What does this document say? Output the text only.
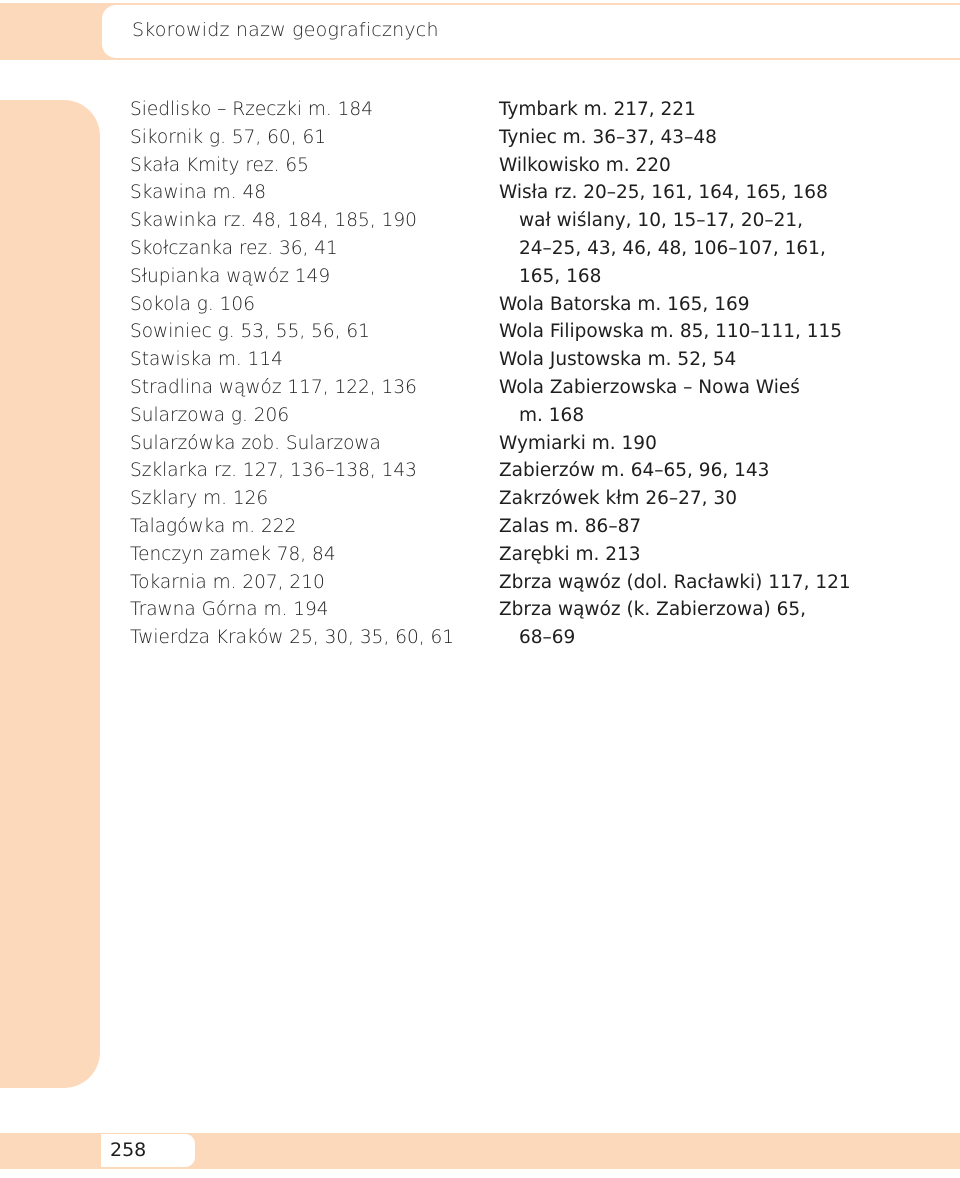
Skorowidz nazw geograficznych
Siedlisko – Rzeczki m. 184
Sikornik g. 57, 60, 61
Skała Kmity rez. 65
Skawina m. 48
Skawinka rz. 48, 184, 185, 190
Skołczanka rez. 36, 41
Słupianka wąwóz 149
Sokola g. 106
Sowiniec g. 53, 55, 56, 61
Stawiska m. 114
Stradlina wąwóz 117, 122, 136
Sularzowa g. 206
Sularzówka zob. Sularzowa
Szklarka rz. 127, 136–138, 143
Szklary m. 126
Talagówka m. 222
Tenczyn zamek 78, 84
Tokarnia m. 207, 210
Trawna Górna m. 194
Twierdza Kraków 25, 30, 35, 60, 61
Tymbark m. 217, 221
Tyniec m. 36–37, 43–48
Wilkowisko m. 220
Wisła rz. 20–25, 161, 164, 165, 168
wał wiślany, 10, 15–17, 20–21,
24–25, 43, 46, 48, 106–107, 161,
165, 168
Wola Batorska m. 165, 169
Wola Filipowska m. 85, 110–111, 115
Wola Justowska m. 52, 54
Wola Zabierzowska – Nowa Wieś
m. 168
Wymiarki m. 190
Zabierzów m. 64–65, 96, 143
Zakrzówek kłm 26–27, 30
Zalas m. 86–87
Zarębki m. 213
Zbrza wąwóz (dol. Racławki) 117, 121
Zbrza wąwóz (k. Zabierzowa) 65,
68–69
258
